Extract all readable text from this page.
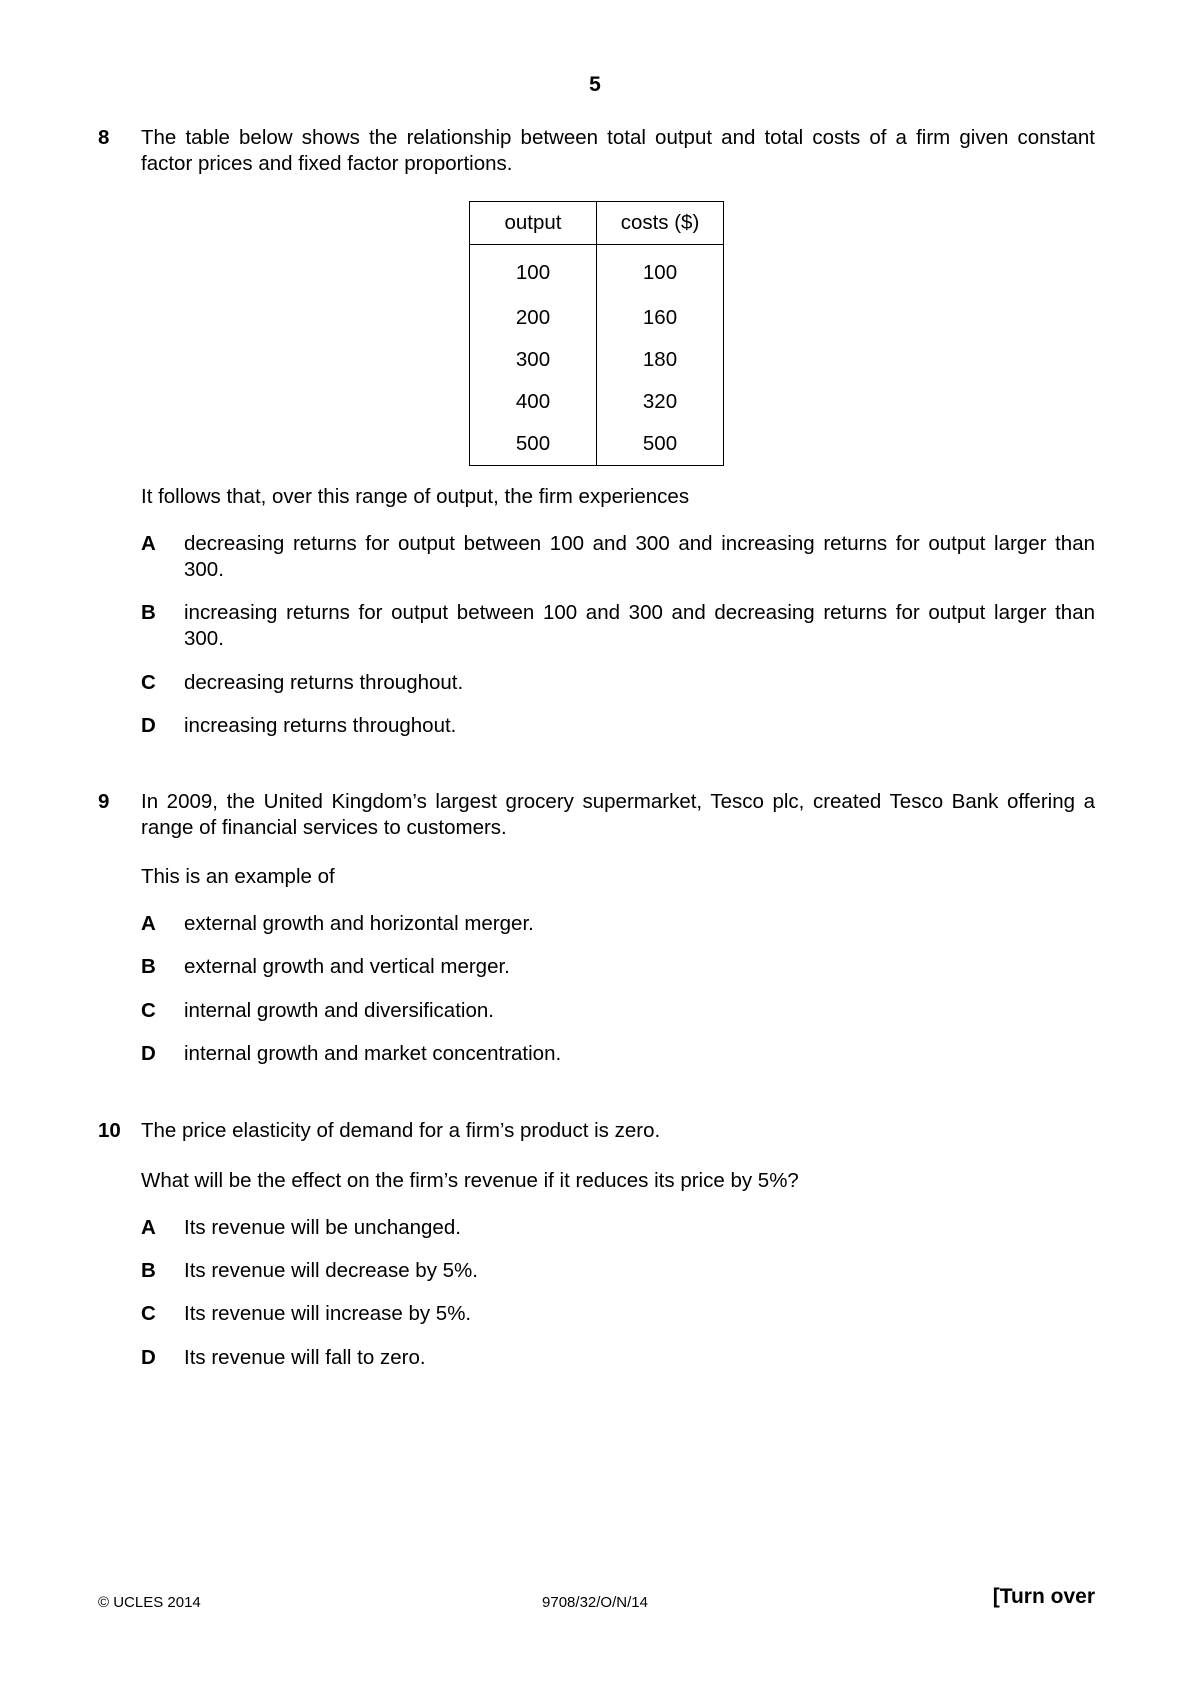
5
8 The table below shows the relationship between total output and total costs of a firm given constant factor prices and fixed factor proportions.
output	costs ($)
100	100
200	160
300	180
400	320
500	500
It follows that, over this range of output, the firm experiences
A decreasing returns for output between 100 and 300 and increasing returns for output larger than 300.
B increasing returns for output between 100 and 300 and decreasing returns for output larger than 300.
C decreasing returns throughout.
D increasing returns throughout.
9 In 2009, the United Kingdom’s largest grocery supermarket, Tesco plc, created Tesco Bank offering a range of financial services to customers.
This is an example of
A external growth and horizontal merger.
B external growth and vertical merger.
C internal growth and diversification.
D internal growth and market concentration.
10 The price elasticity of demand for a firm’s product is zero.
What will be the effect on the firm’s revenue if it reduces its price by 5%?
A Its revenue will be unchanged.
B Its revenue will decrease by 5%.
C Its revenue will increase by 5%.
D Its revenue will fall to zero.
© UCLES 2014	9708/32/O/N/14	[Turn over
